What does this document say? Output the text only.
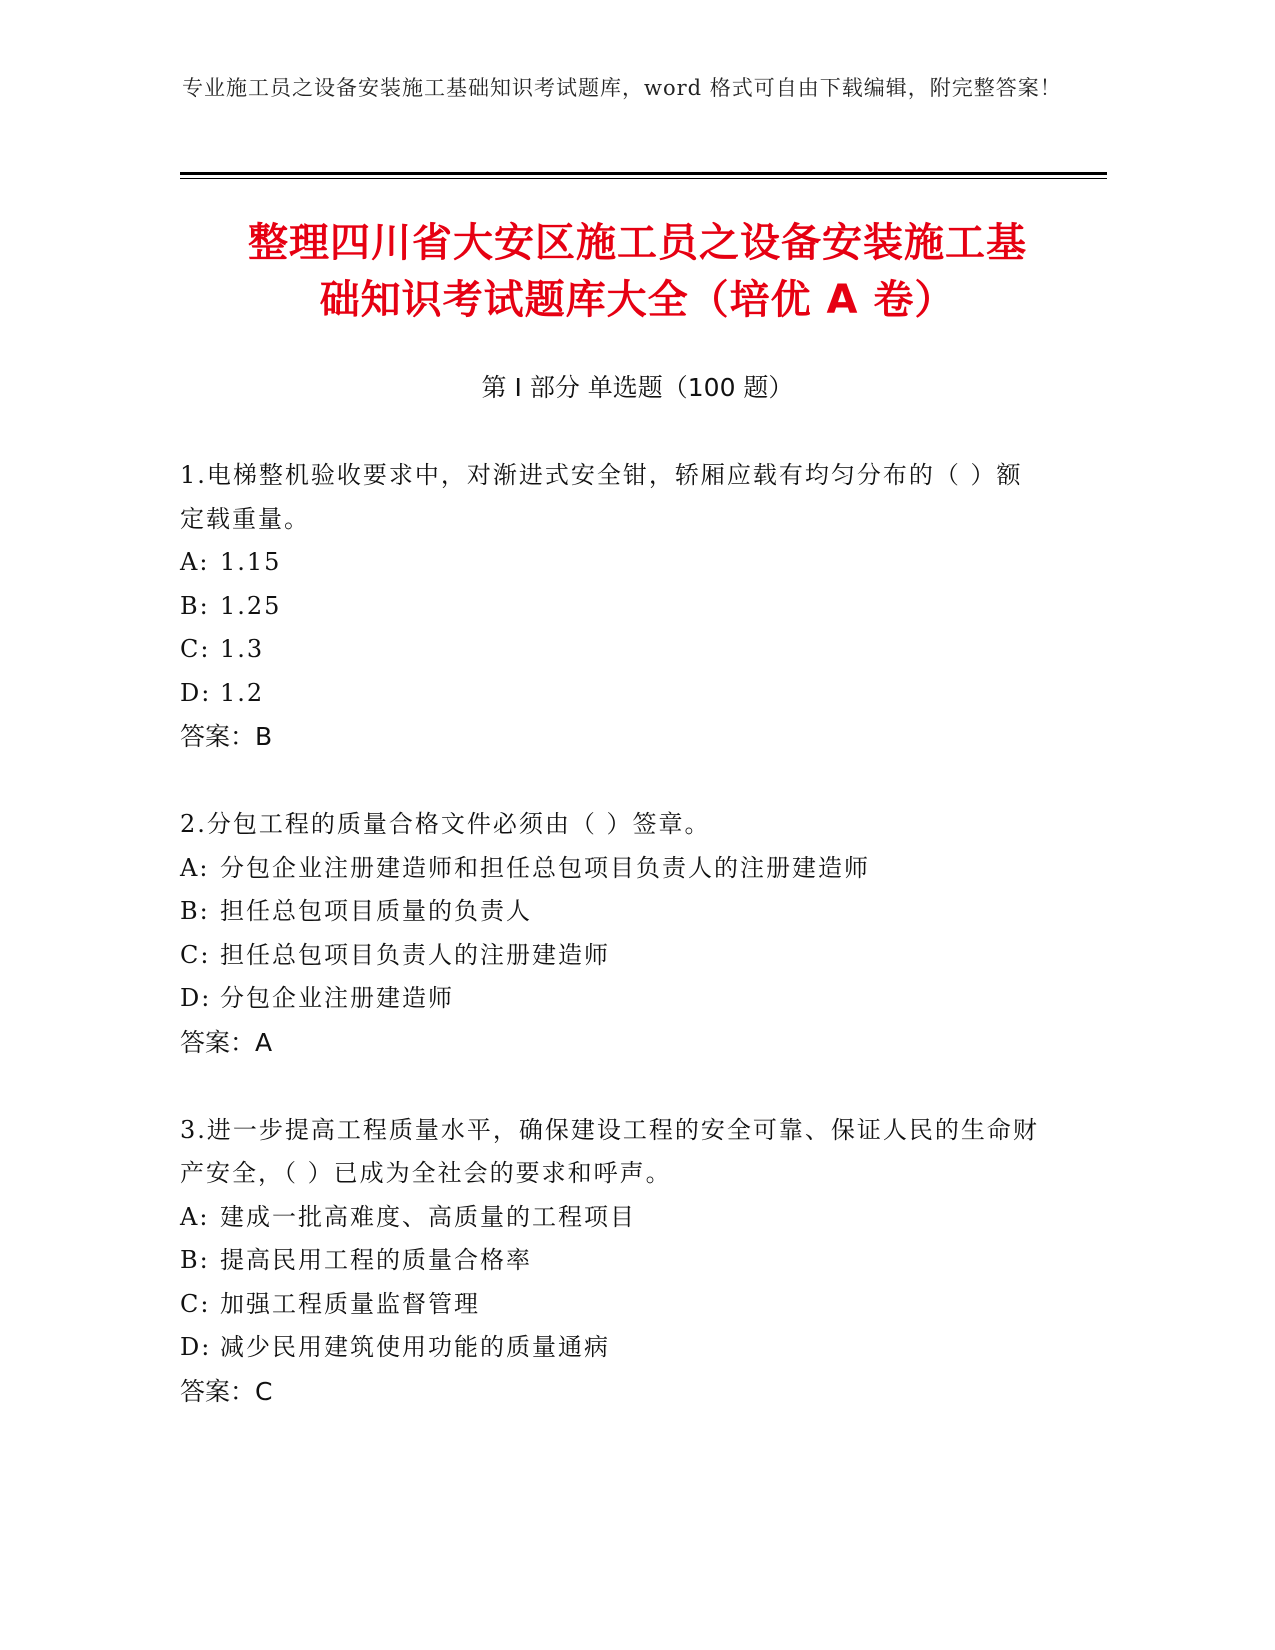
专业施工员之设备安装施工基础知识考试题库，word 格式可自由下载编辑，附完整答案！
整理四川省大安区施工员之设备安装施工基
础知识考试题库大全（培优 A 卷）
第 I 部分 单选题（100 题）

1.电梯整机验收要求中，对渐进式安全钳，轿厢应载有均匀分布的（ ）额定载重量。

A: 1.15

B: 1.25

C: 1.3

D: 1.2

答案：B

2.分包工程的质量合格文件必须由（ ）签章。

A: 分包企业注册建造师和担任总包项目负责人的注册建造师

B: 担任总包项目质量的负责人

C: 担任总包项目负责人的注册建造师

D: 分包企业注册建造师

答案：A

3.进一步提高工程质量水平，确保建设工程的安全可靠、保证人民的生命财产安全，（ ）已成为全社会的要求和呼声。

A: 建成一批高难度、高质量的工程项目

B: 提高民用工程的质量合格率

C: 加强工程质量监督管理

D: 减少民用建筑使用功能的质量通病

答案：C
